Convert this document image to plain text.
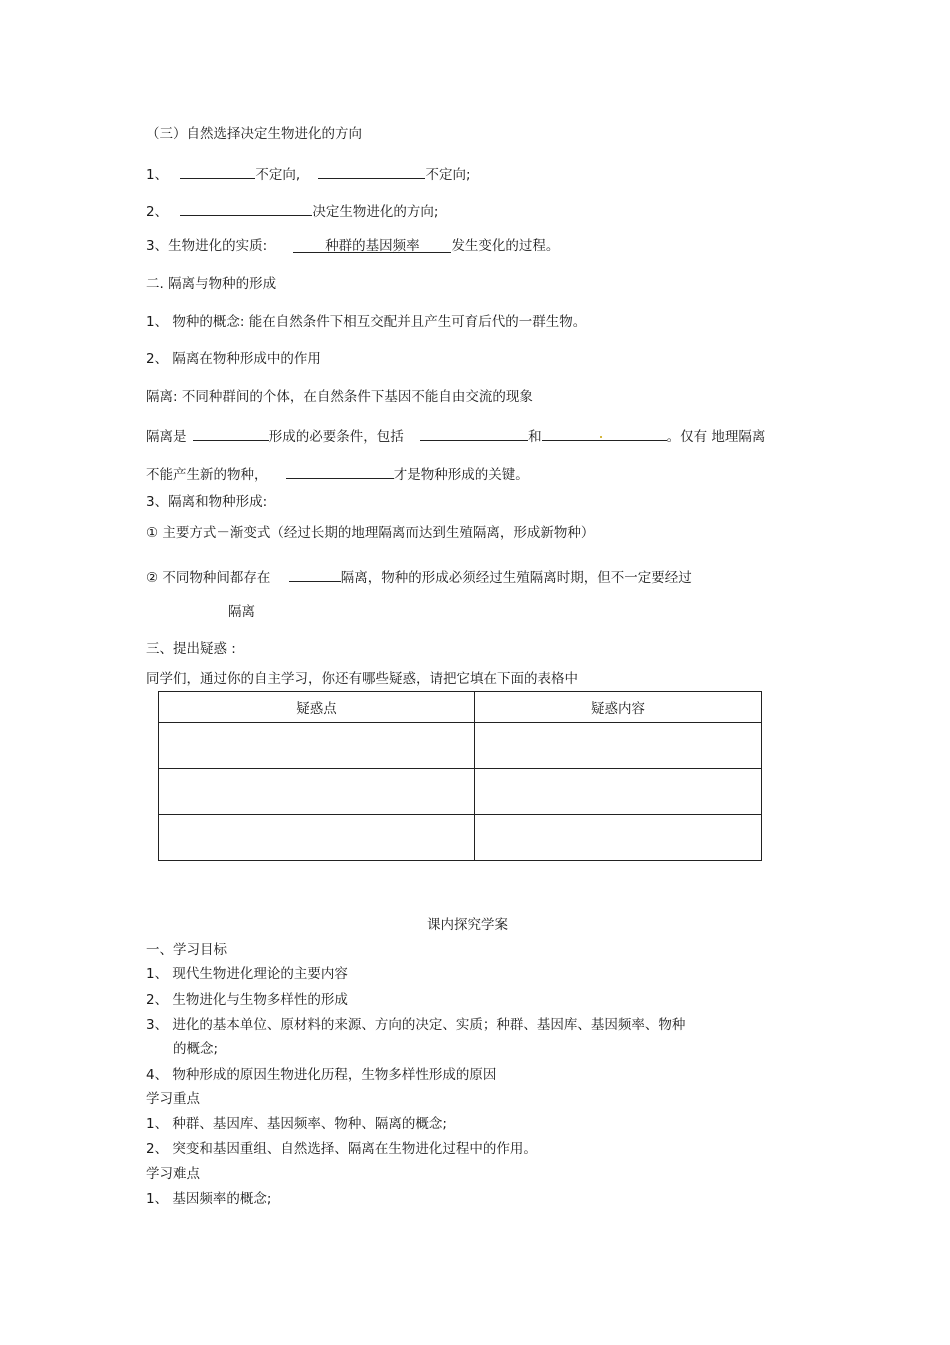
（三）自然选择决定生物进化的方向
1、	不定向,	不定向;
2、	决定生物进化的方向;
3、生物进化的实质:	种群的基因频率 发生变化的过程。
二. 隔离与物种的形成
1、 物种的概念: 能在自然条件下相互交配并且产生可育后代的一群生物。
2、 隔离在物种形成中的作用
隔离: 不同种群间的个体，在自然条件下基因不能自由交流的现象
隔离是	形成的必要条件，包括	和	。仅有 地理隔离
不能产生新的物种，	才是物种形成的关键。
3、隔离和物种形成:
① 主要方式－渐变式（经过长期的地理隔离而达到生殖隔离，形成新物种）
② 不同物种间都存在	隔离，物种的形成必须经过生殖隔离时期，但不一定要经过
隔离
三、提出疑惑 :
同学们，通过你的自主学习，你还有哪些疑惑，请把它填在下面的表格中
疑惑点	疑惑内容

课内探究学案
一、学习目标
1、 现代生物进化理论的主要内容
2、 生物进化与生物多样性的形成
3、 进化的基本单位、原材料的来源、方向的决定、实质；种群、基因库、基因频率、物种
的概念;
4、 物种形成的原因生物进化历程，生物多样性形成的原因
学习重点
1、 种群、基因库、基因频率、物种、隔离的概念;
2、 突变和基因重组、自然选择、隔离在生物进化过程中的作用。
学习难点
1、 基因频率的概念;
